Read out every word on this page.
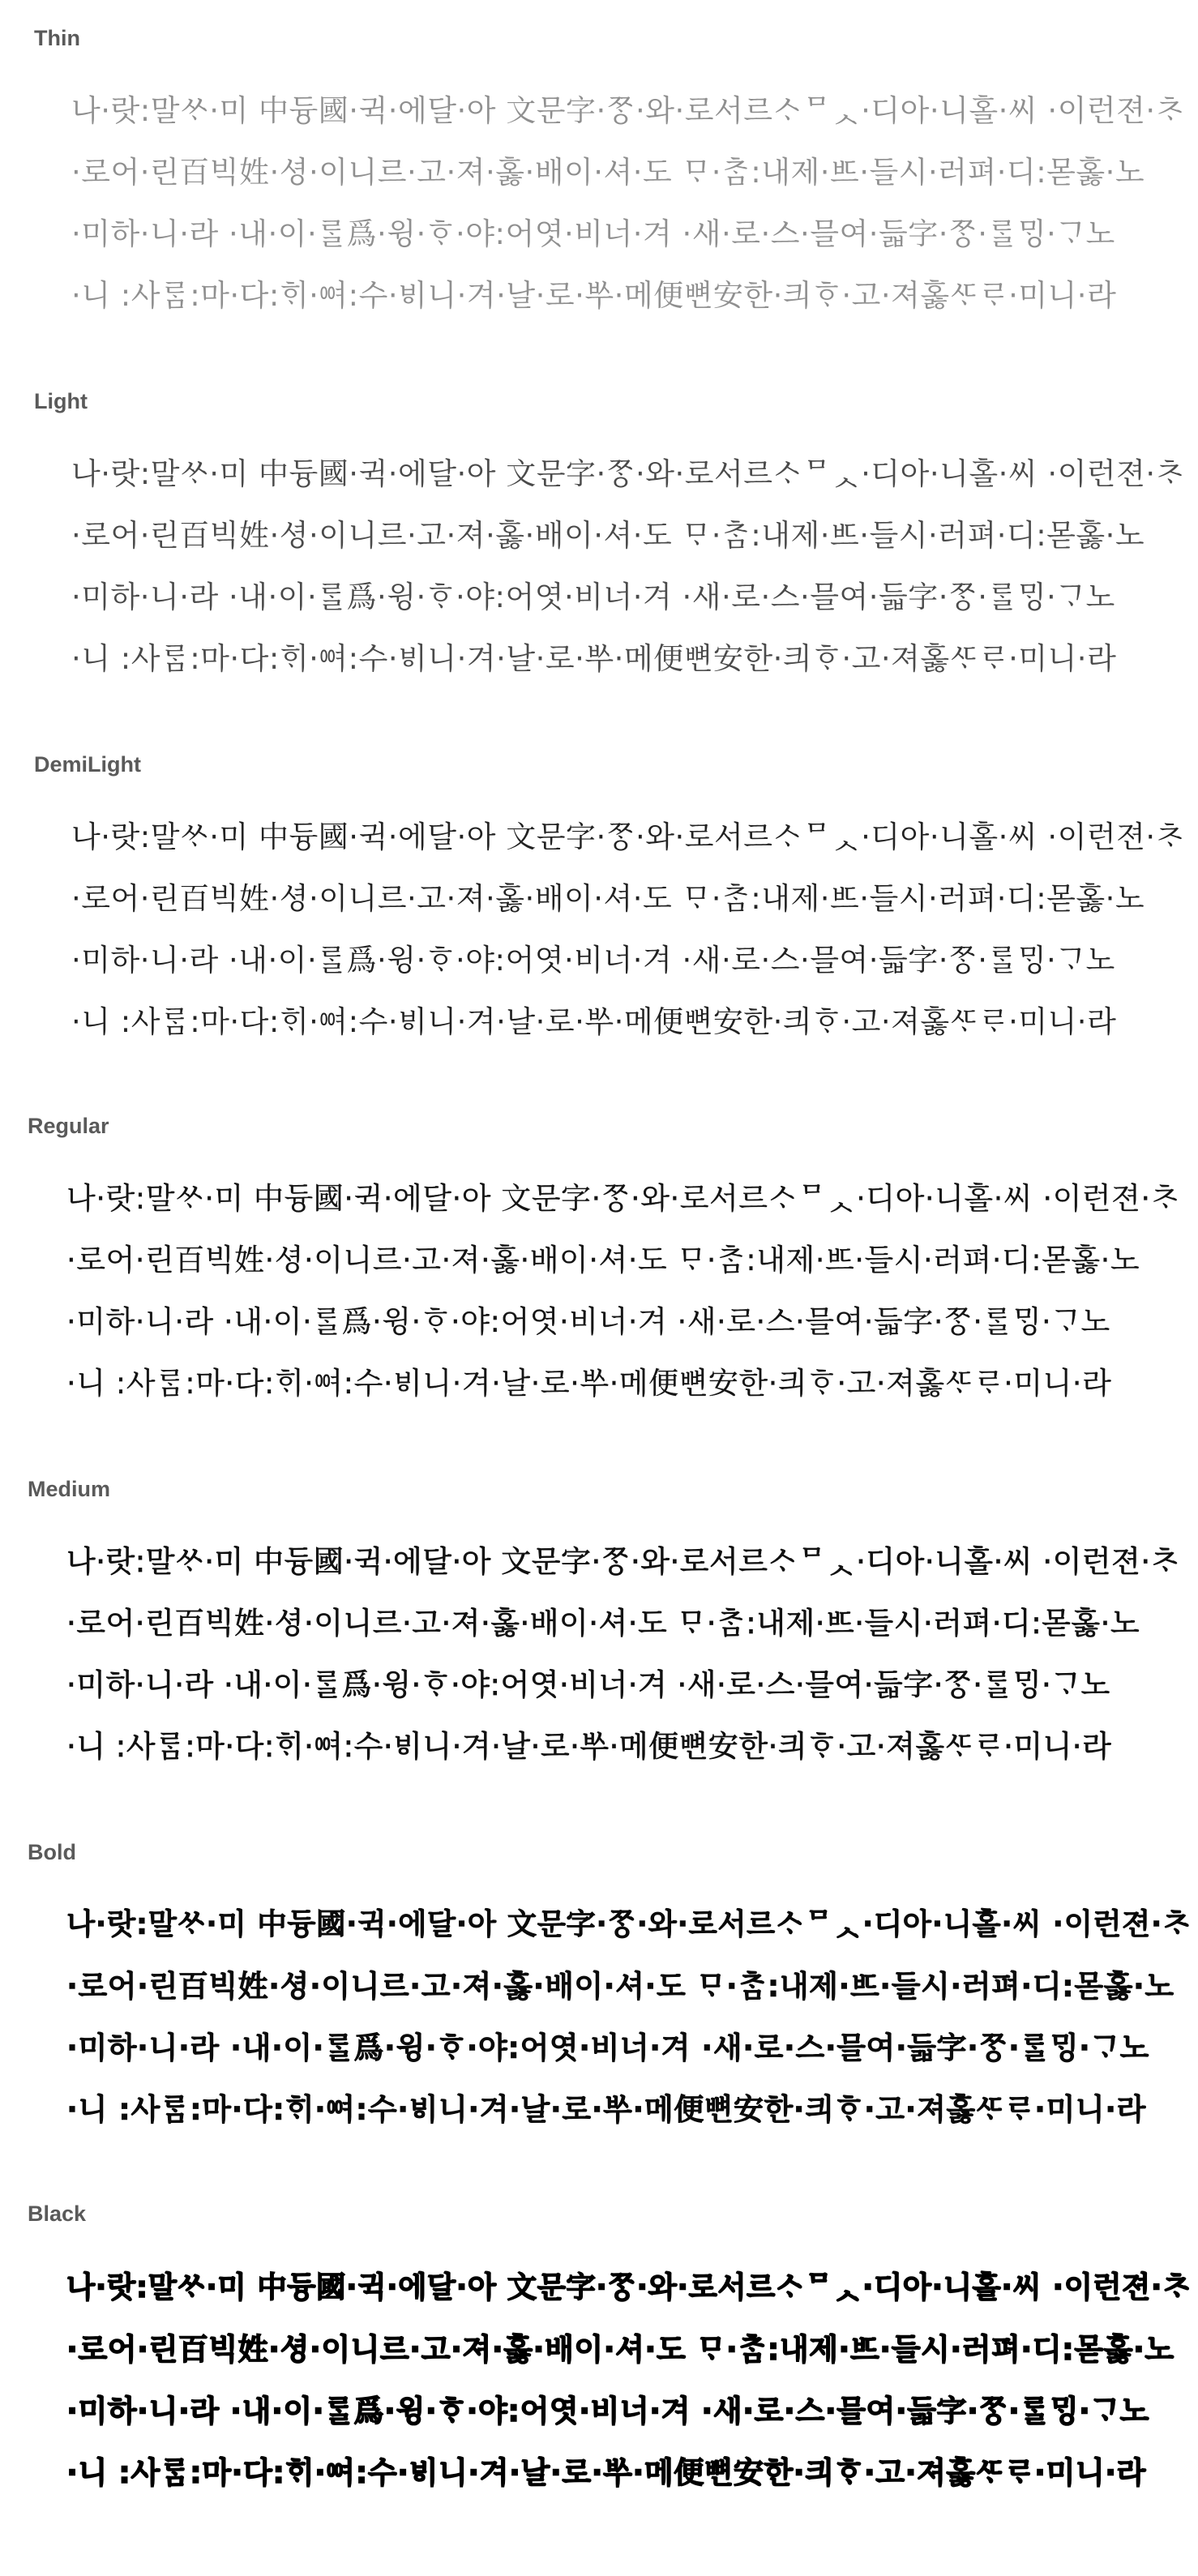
Thin
나·랏:말ᄊᆞ·미 中듕國·귁·에달·아 文문字·ᄍᆞᆼ·와·로서르ᄉᆞᄆᆺ·디아·니홀·씨 ·이런젼·ᄎᆞ
·로어·린百빅姓·셩·이니르·고·져·홇·배이·셔·도 ᄆᆞ·ᄎᆞᆷ:내제·ᄠᅳ·들시·러펴·디:몯홇·노
·미하·니·라 ·내·이·ᄅᆞᆯ爲·윙·ᄒᆞ·야:어엿·비너·겨 ·새·로·스·믈여·듧字·ᄍᆞᆼ·ᄅᆞᆯᄆᆡᆼ·ᄀᆞ노
·니 :사ᄅᆞᆷ:마·다:ᄒᆡ·ᅇᅧ:수·ᄫᅵ니·겨·날·로·ᄡᅮ·메便뼌安한·킈ᄒᆞ·고·져홇ᄯᆞᄅᆞ·미니·라
Light
나·랏:말ᄊᆞ·미 中듕國·귁·에달·아 文문字·ᄍᆞᆼ·와·로서르ᄉᆞᄆᆺ·디아·니홀·씨 ·이런젼·ᄎᆞ
·로어·린百빅姓·셩·이니르·고·져·홇·배이·셔·도 ᄆᆞ·ᄎᆞᆷ:내제·ᄠᅳ·들시·러펴·디:몯홇·노
·미하·니·라 ·내·이·ᄅᆞᆯ爲·윙·ᄒᆞ·야:어엿·비너·겨 ·새·로·스·믈여·듧字·ᄍᆞᆼ·ᄅᆞᆯᄆᆡᆼ·ᄀᆞ노
·니 :사ᄅᆞᆷ:마·다:ᄒᆡ·ᅇᅧ:수·ᄫᅵ니·겨·날·로·ᄡᅮ·메便뼌安한·킈ᄒᆞ·고·져홇ᄯᆞᄅᆞ·미니·라
DemiLight
나·랏:말ᄊᆞ·미 中듕國·귁·에달·아 文문字·ᄍᆞᆼ·와·로서르ᄉᆞᄆᆺ·디아·니홀·씨 ·이런젼·ᄎᆞ
·로어·린百빅姓·셩·이니르·고·져·홇·배이·셔·도 ᄆᆞ·ᄎᆞᆷ:내제·ᄠᅳ·들시·러펴·디:몯홇·노
·미하·니·라 ·내·이·ᄅᆞᆯ爲·윙·ᄒᆞ·야:어엿·비너·겨 ·새·로·스·믈여·듧字·ᄍᆞᆼ·ᄅᆞᆯᄆᆡᆼ·ᄀᆞ노
·니 :사ᄅᆞᆷ:마·다:ᄒᆡ·ᅇᅧ:수·ᄫᅵ니·겨·날·로·ᄡᅮ·메便뼌安한·킈ᄒᆞ·고·져홇ᄯᆞᄅᆞ·미니·라
Regular
나·랏:말ᄊᆞ·미 中듕國·귁·에달·아 文문字·ᄍᆞᆼ·와·로서르ᄉᆞᄆᆺ·디아·니홀·씨 ·이런젼·ᄎᆞ
·로어·린百빅姓·셩·이니르·고·져·홇·배이·셔·도 ᄆᆞ·ᄎᆞᆷ:내제·ᄠᅳ·들시·러펴·디:몯홇·노
·미하·니·라 ·내·이·ᄅᆞᆯ爲·윙·ᄒᆞ·야:어엿·비너·겨 ·새·로·스·믈여·듧字·ᄍᆞᆼ·ᄅᆞᆯᄆᆡᆼ·ᄀᆞ노
·니 :사ᄅᆞᆷ:마·다:ᄒᆡ·ᅇᅧ:수·ᄫᅵ니·겨·날·로·ᄡᅮ·메便뼌安한·킈ᄒᆞ·고·져홇ᄯᆞᄅᆞ·미니·라
Medium
나·랏:말ᄊᆞ·미 中듕國·귁·에달·아 文문字·ᄍᆞᆼ·와·로서르ᄉᆞᄆᆺ·디아·니홀·씨 ·이런젼·ᄎᆞ
·로어·린百빅姓·셩·이니르·고·져·홇·배이·셔·도 ᄆᆞ·ᄎᆞᆷ:내제·ᄠᅳ·들시·러펴·디:몯홇·노
·미하·니·라 ·내·이·ᄅᆞᆯ爲·윙·ᄒᆞ·야:어엿·비너·겨 ·새·로·스·믈여·듧字·ᄍᆞᆼ·ᄅᆞᆯᄆᆡᆼ·ᄀᆞ노
·니 :사ᄅᆞᆷ:마·다:ᄒᆡ·ᅇᅧ:수·ᄫᅵ니·겨·날·로·ᄡᅮ·메便뼌安한·킈ᄒᆞ·고·져홇ᄯᆞᄅᆞ·미니·라
Bold
나·랏:말ᄊᆞ·미 中듕國·귁·에달·아 文문字·ᄍᆞᆼ·와·로서르ᄉᆞᄆᆺ·디아·니홀·씨 ·이런젼·ᄎᆞ
·로어·린百빅姓·셩·이니르·고·져·홇·배이·셔·도 ᄆᆞ·ᄎᆞᆷ:내제·ᄠᅳ·들시·러펴·디:몯홇·노
·미하·니·라 ·내·이·ᄅᆞᆯ爲·윙·ᄒᆞ·야:어엿·비너·겨 ·새·로·스·믈여·듧字·ᄍᆞᆼ·ᄅᆞᆯᄆᆡᆼ·ᄀᆞ노
·니 :사ᄅᆞᆷ:마·다:ᄒᆡ·ᅇᅧ:수·ᄫᅵ니·겨·날·로·ᄡᅮ·메便뼌安한·킈ᄒᆞ·고·져홇ᄯᆞᄅᆞ·미니·라
Black
나·랏:말ᄊᆞ·미 中듕國·귁·에달·아 文문字·ᄍᆞᆼ·와·로서르ᄉᆞᄆᆺ·디아·니홀·씨 ·이런젼·ᄎᆞ
·로어·린百빅姓·셩·이니르·고·져·홇·배이·셔·도 ᄆᆞ·ᄎᆞᆷ:내제·ᄠᅳ·들시·러펴·디:몯홇·노
·미하·니·라 ·내·이·ᄅᆞᆯ爲·윙·ᄒᆞ·야:어엿·비너·겨 ·새·로·스·믈여·듧字·ᄍᆞᆼ·ᄅᆞᆯᄆᆡᆼ·ᄀᆞ노
·니 :사ᄅᆞᆷ:마·다:ᄒᆡ·ᅇᅧ:수·ᄫᅵ니·겨·날·로·ᄡᅮ·메便뼌安한·킈ᄒᆞ·고·져홇ᄯᆞᄅᆞ·미니·라
